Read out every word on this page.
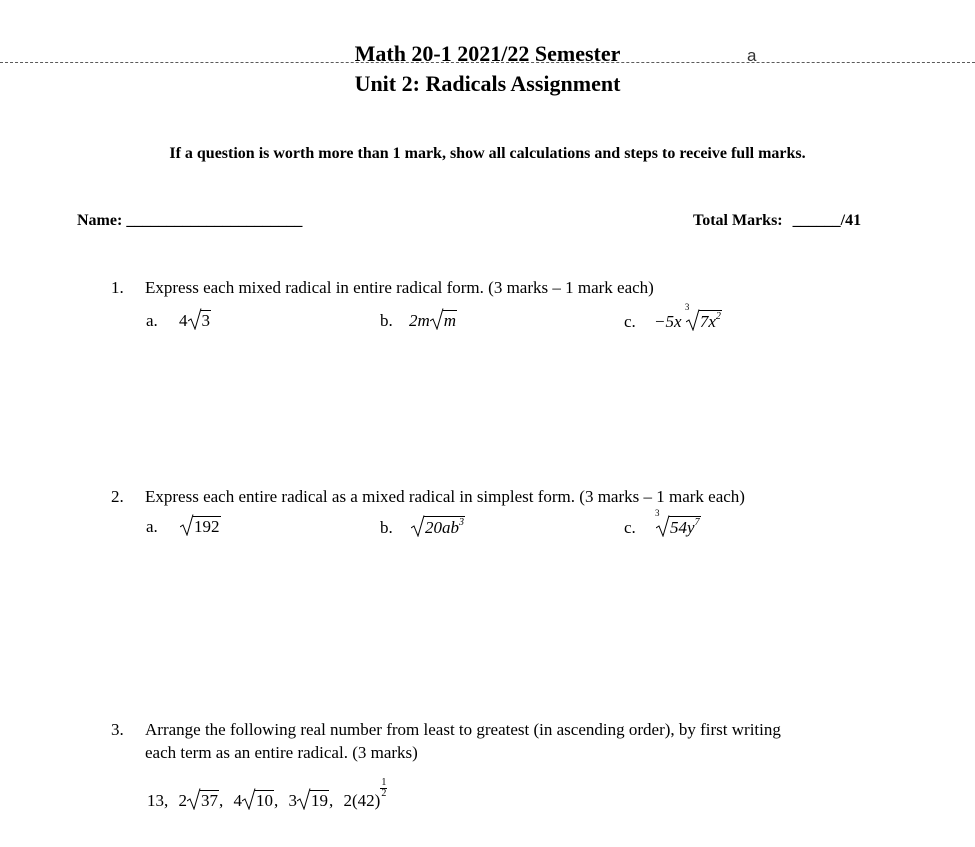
Math 20-1 2021/22 Semester	a
Unit 2: Radicals Assignment
If a question is worth more than 1 mark, show all calculations and steps to receive full marks.
Name: ______________________	Total Marks: ______/41
1. Express each mixed radical in entire radical form. (3 marks – 1 mark each)
a. 4 3	b. 2m m	c. −5x
3
$7x^2$
2. Express each entire radical as a mixed radical in simplest form. (3 marks – 1 mark each)
a. 192	b. $20ab^3$	c.
3
$54y^7$
3. Arrange the following real number from least to greatest (in ascending order), by first writing
each term as an entire radical. (3 marks)
13, 2 37, 4 10, 3 19, 2(42)
$\frac{1}{2}$
